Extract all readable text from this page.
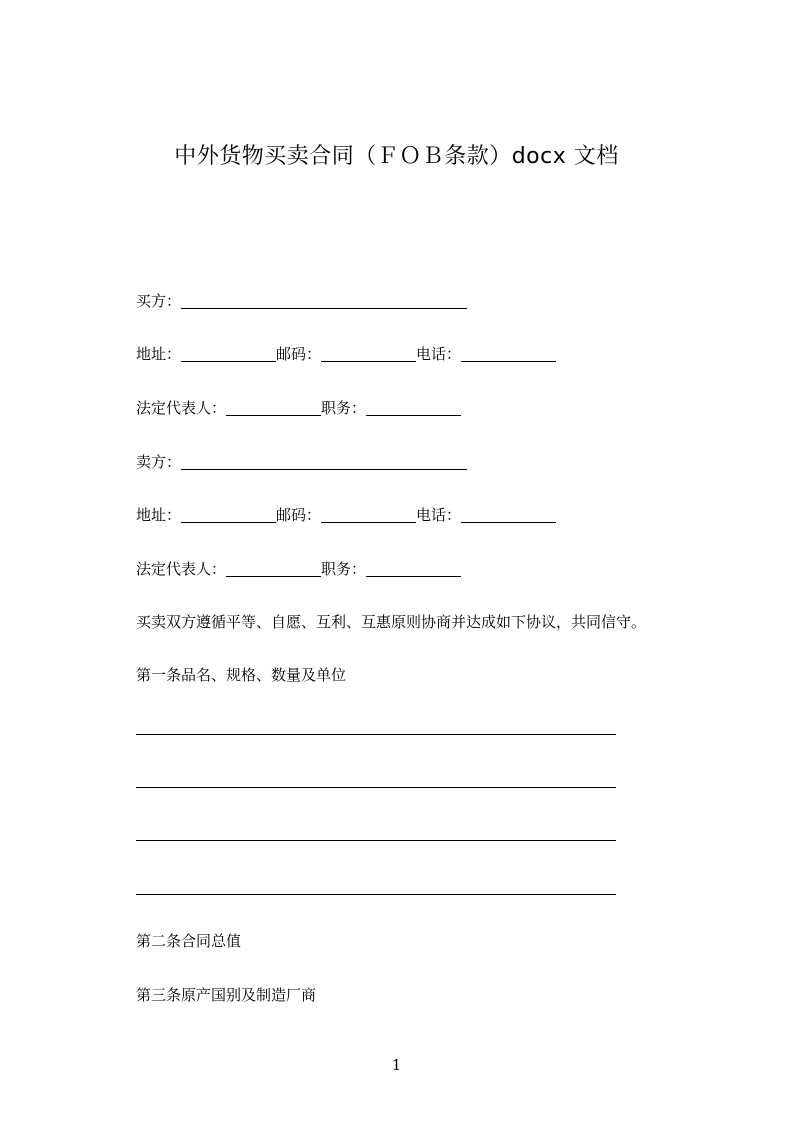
中外货物买卖合同（ＦＯＢ条款）docx 文档
买方：
地址：	邮码：	电话：
法定代表人：	职务：
卖方：
地址：	邮码：	电话：
法定代表人：	职务：
买卖双方遵循平等、自愿、互利、互惠原则协商并达成如下协议，共同信守。
第一条品名、规格、数量及单位
第二条合同总值
第三条原产国别及制造厂商
1
